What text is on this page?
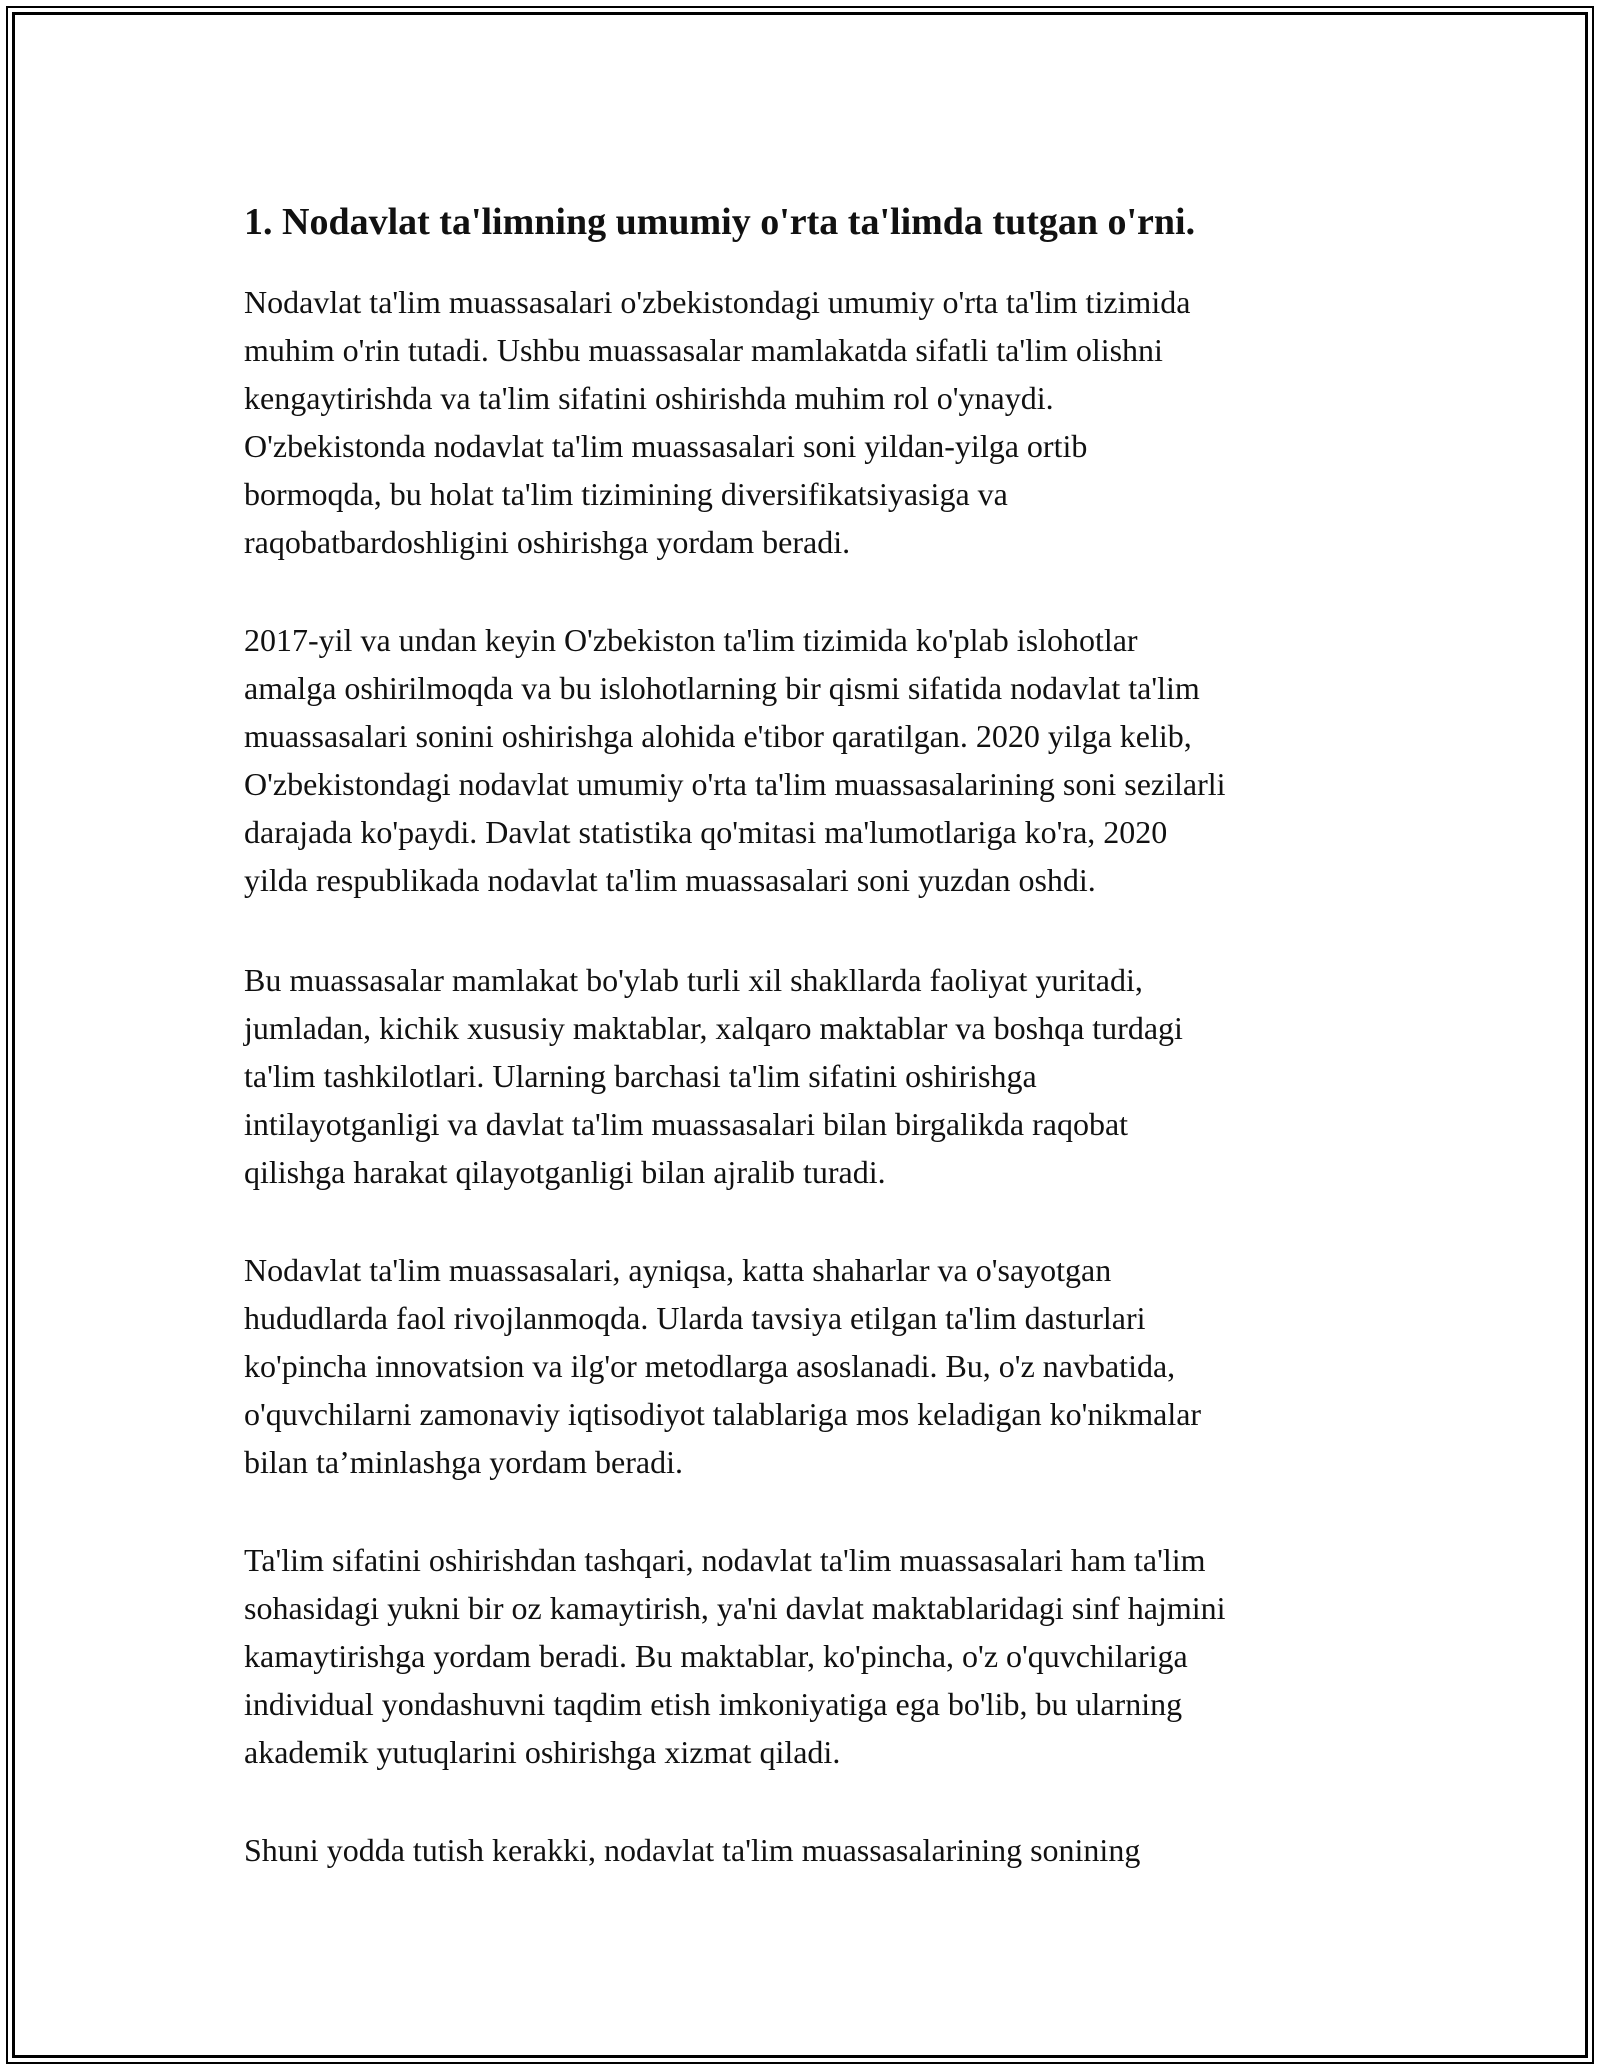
1. Nodavlat ta'limning umumiy o'rta ta'limda tutgan o'rni.

Nodavlat ta'lim muassasalari o'zbekistondagi umumiy o'rta ta'lim tizimida
muhim o'rin tutadi. Ushbu muassasalar mamlakatda sifatli ta'lim olishni
kengaytirishda va ta'lim sifatini oshirishda muhim rol o'ynaydi.
O'zbekistonda nodavlat ta'lim muassasalari soni yildan-yilga ortib
bormoqda, bu holat ta'lim tizimining diversifikatsiyasiga va
raqobatbardoshligini oshirishga yordam beradi.

2017-yil va undan keyin O'zbekiston ta'lim tizimida ko'plab islohotlar
amalga oshirilmoqda va bu islohotlarning bir qismi sifatida nodavlat ta'lim
muassasalari sonini oshirishga alohida e'tibor qaratilgan. 2020 yilga kelib,
O'zbekistondagi nodavlat umumiy o'rta ta'lim muassasalarining soni sezilarli
darajada ko'paydi. Davlat statistika qo'mitasi ma'lumotlariga ko'ra, 2020
yilda respublikada nodavlat ta'lim muassasalari soni yuzdan oshdi.

Bu muassasalar mamlakat bo'ylab turli xil shakllarda faoliyat yuritadi,
jumladan, kichik xususiy maktablar, xalqaro maktablar va boshqa turdagi
ta'lim tashkilotlari. Ularning barchasi ta'lim sifatini oshirishga
intilayotganligi va davlat ta'lim muassasalari bilan birgalikda raqobat
qilishga harakat qilayotganligi bilan ajralib turadi.

Nodavlat ta'lim muassasalari, ayniqsa, katta shaharlar va o'sayotgan
hududlarda faol rivojlanmoqda. Ularda tavsiya etilgan ta'lim dasturlari
ko'pincha innovatsion va ilg'or metodlarga asoslanadi. Bu, o'z navbatida,
o'quvchilarni zamonaviy iqtisodiyot talablariga mos keladigan ko'nikmalar
bilan ta’minlashga yordam beradi.

Ta'lim sifatini oshirishdan tashqari, nodavlat ta'lim muassasalari ham ta'lim
sohasidagi yukni bir oz kamaytirish, ya'ni davlat maktablaridagi sinf hajmini
kamaytirishga yordam beradi. Bu maktablar, ko'pincha, o'z o'quvchilariga
individual yondashuvni taqdim etish imkoniyatiga ega bo'lib, bu ularning
akademik yutuqlarini oshirishga xizmat qiladi.

Shuni yodda tutish kerakki, nodavlat ta'lim muassasalarining sonining
